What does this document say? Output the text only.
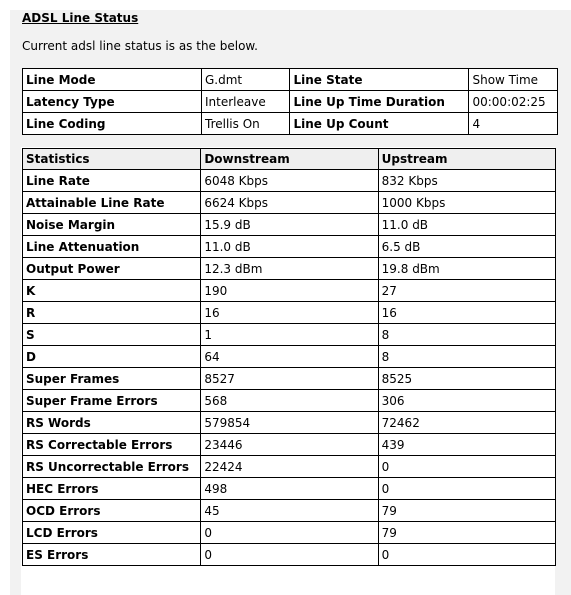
ADSL Line Status
Current adsl line status is as the below.
Line Mode	G.dmt	Line State	Show Time
Latency Type	Interleave	Line Up Time Duration	00:00:02:25
Line Coding	Trellis On	Line Up Count	4
Statistics	Downstream	Upstream
Line Rate	6048 Kbps	832 Kbps
Attainable Line Rate	6624 Kbps	1000 Kbps
Noise Margin	15.9 dB	11.0 dB
Line Attenuation	11.0 dB	6.5 dB
Output Power	12.3 dBm	19.8 dBm
K	190	27
R	16	16
S	1	8
D	64	8
Super Frames	8527	8525
Super Frame Errors	568	306
RS Words	579854	72462
RS Correctable Errors	23446	439
RS Uncorrectable Errors	22424	0
HEC Errors	498	0
OCD Errors	45	79
LCD Errors	0	79
ES Errors	0	0
